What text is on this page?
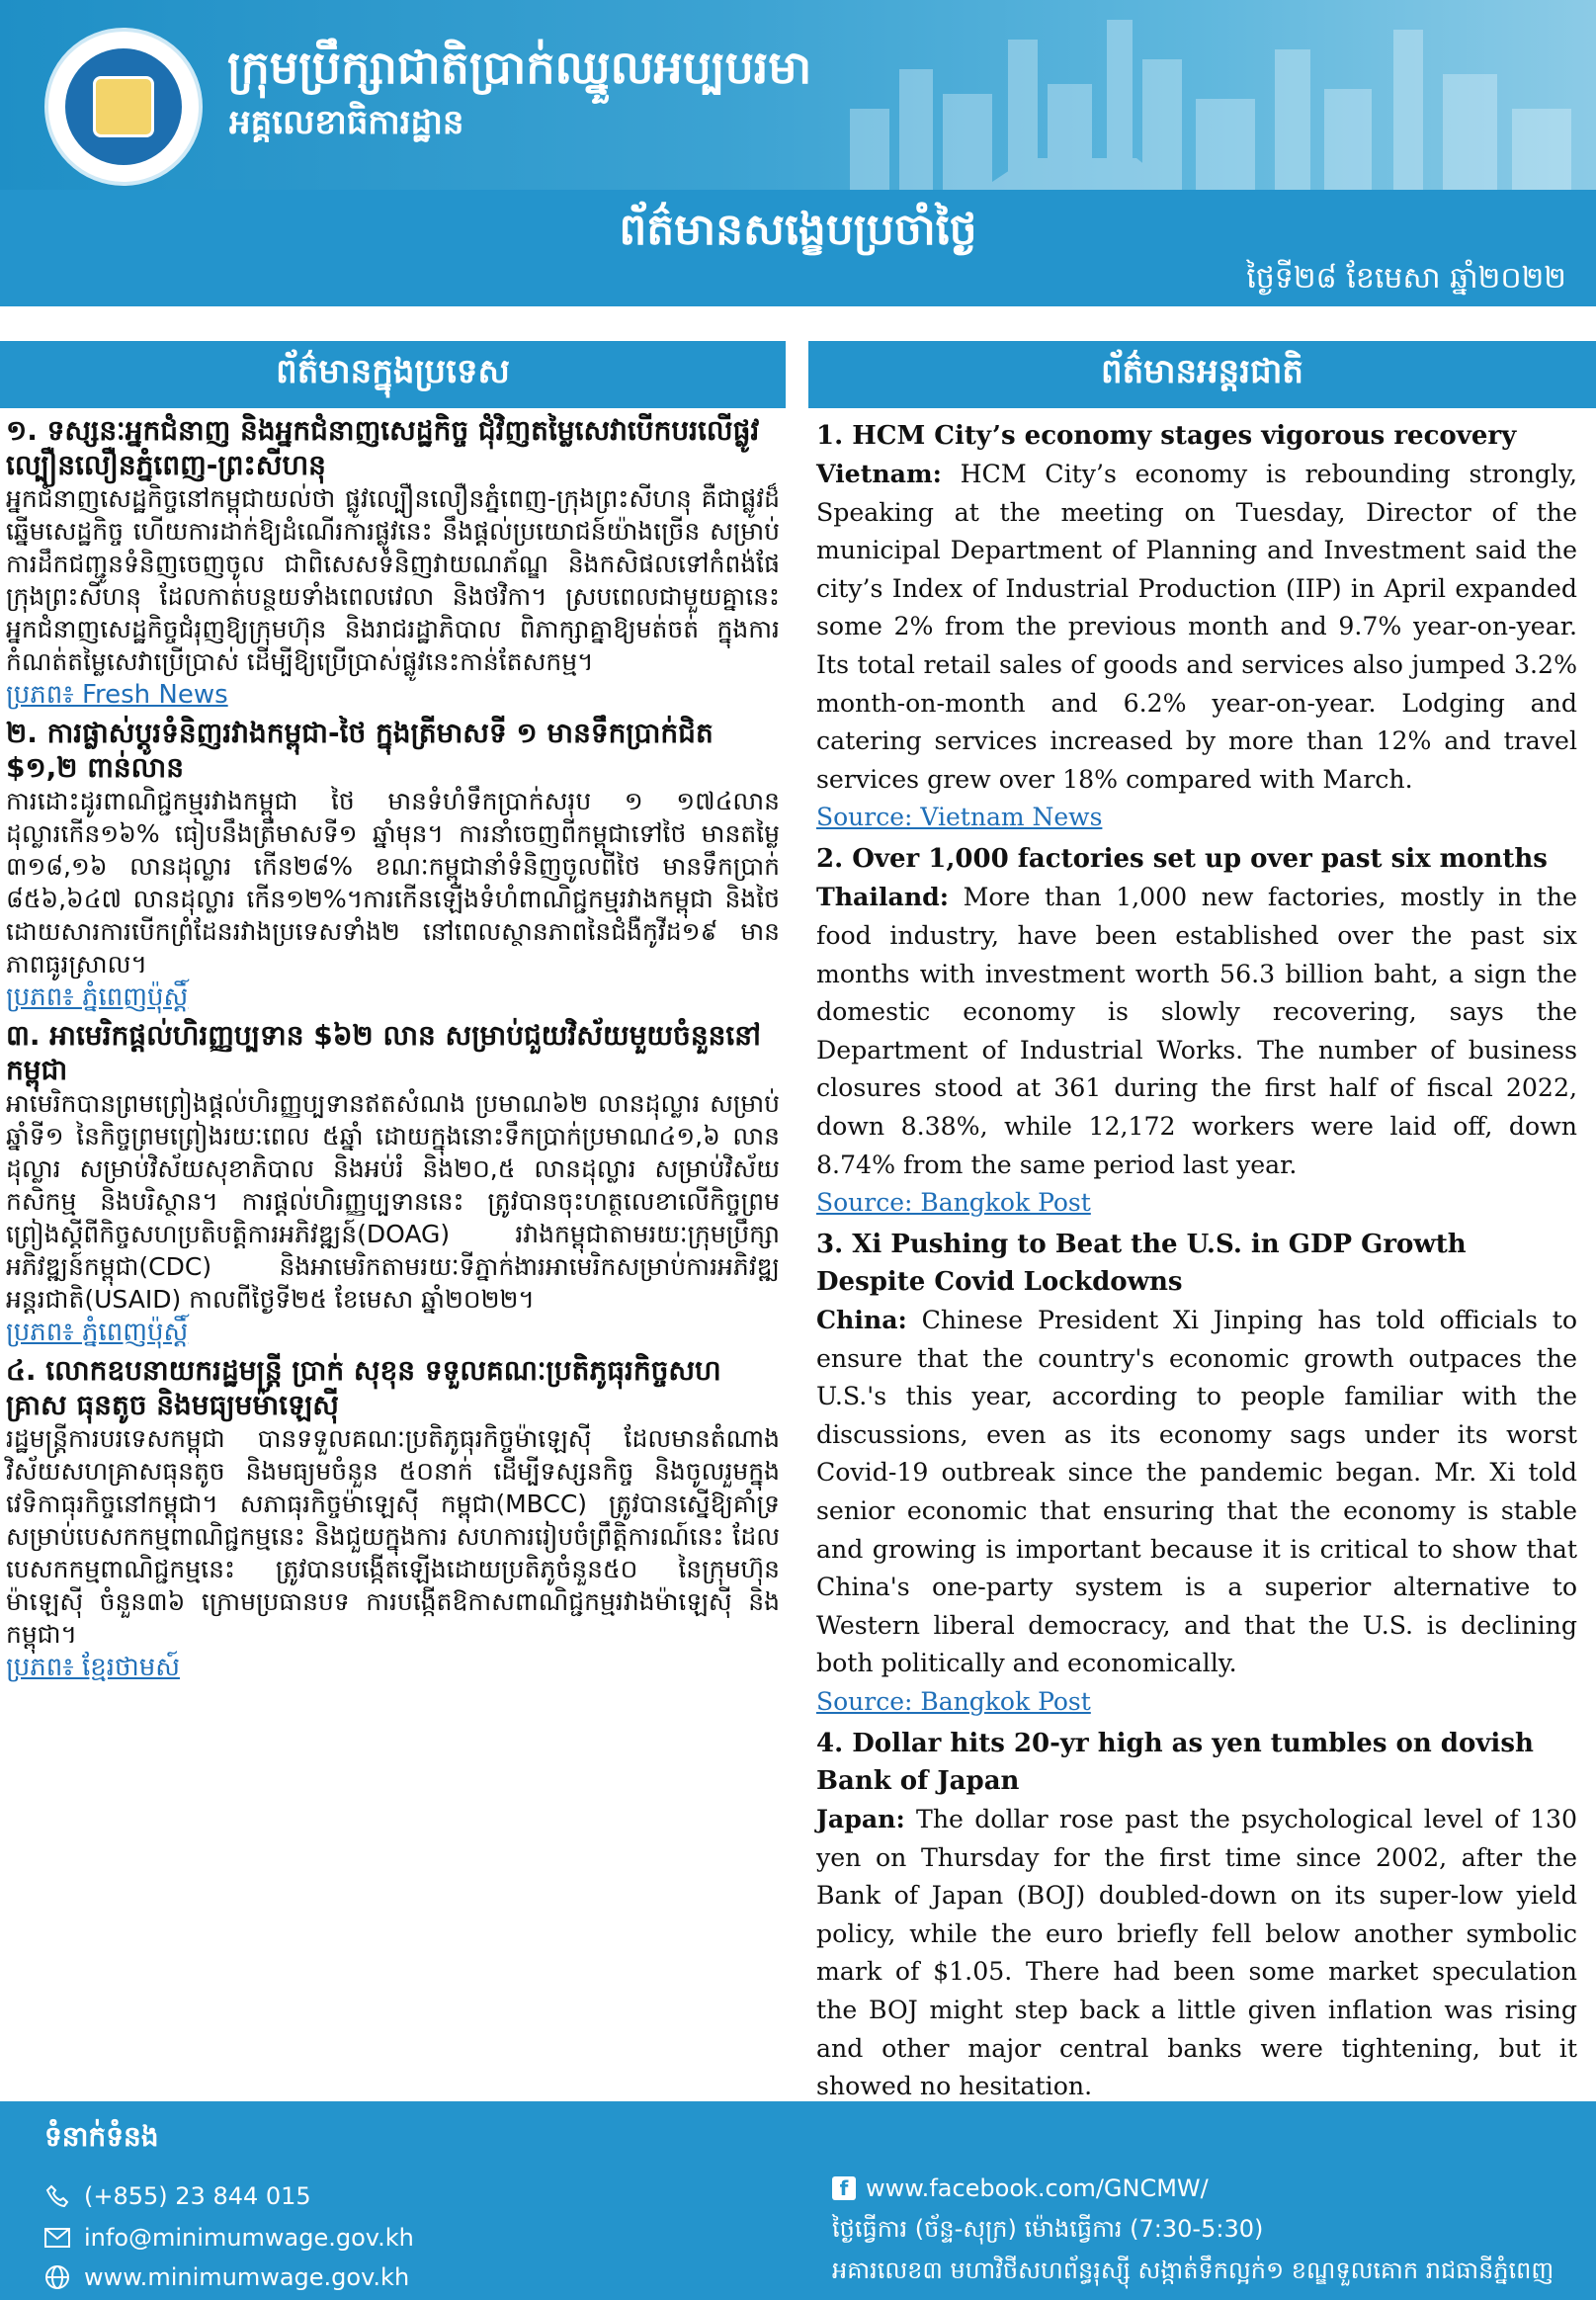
ក្រុមប្រឹក្សាជាតិប្រាក់ឈ្នួលអប្បបរមា
អគ្គលេខាធិការដ្ឋាន
ព័ត៌មានសង្ខេបប្រចាំថ្ងៃ
ថ្ងៃទី២៨ ខែមេសា ឆ្នាំ២០២២
ព័ត៌មានក្នុងប្រទេស	ព័ត៌មានអន្តរជាតិ
១. ទស្សនៈអ្នកជំនាញ និងអ្នកជំនាញសេដ្ឋកិច្ច ជុំវិញតម្លៃសេវាបើកបរលើផ្លូវល្បឿនលឿនភ្នំពេញ-ព្រះសីហនុ
អ្នកជំនាញសេដ្ឋកិច្ចនៅកម្ពុជាយល់ថា ផ្លូវល្បឿនលឿនភ្នំពេញ-ក្រុងព្រះសីហនុ គឺជាផ្លូវដ៏ឆ្នើមសេដ្ឋកិច្ច ហើយការដាក់ឱ្យដំណើរការផ្លូវនេះ នឹងផ្តល់ប្រយោជន៍យ៉ាងច្រើន សម្រាប់ការដឹកជញ្ជូនទំនិញចេញចូល ជាពិសេសទំនិញវាយណភ័ណ្ឌ និងកសិផលទៅកំពង់ផែក្រុងព្រះសីហនុ ដែលកាត់បន្ថយទាំងពេលវេលា និងថវិកា។ ស្របពេលជាមួយគ្នានេះ អ្នកជំនាញសេដ្ឋកិច្ចជំរុញឱ្យក្រុមហ៊ុន និងរាជរដ្ឋាភិបាល ពិភាក្សាគ្នាឱ្យមត់ចត់ ក្នុងការកំណត់តម្លៃសេវាប្រើប្រាស់ ដើម្បីឱ្យប្រើប្រាស់ផ្លូវនេះកាន់តែសកម្ម។
ប្រភព៖ Fresh News
២. ការផ្លាស់ប្តូរទំនិញរវាងកម្ពុជា-ថៃ ក្នុងត្រីមាសទី ១ មានទឹកប្រាក់ជិត $១,២ ពាន់លាន
ការដោះដូរពាណិជ្ជកម្មរវាងកម្ពុជា ថៃ មានទំហំទឹកប្រាក់សរុប ១ ១៧៤លានដុល្លារកើន១៦% ធៀបនឹងត្រីមាសទី១ ឆ្នាំមុន។ ការនាំចេញពីកម្ពុជាទៅថៃ មានតម្លៃ ៣១៨,១៦ លានដុល្លារ កើន២៨% ខណៈកម្ពុជានាំទំនិញចូលពីថៃ មានទឹកប្រាក់ ៨៥៦,៦៤៧ លានដុល្លារ កើន១២%។ការកើនឡើងទំហំពាណិជ្ជកម្មរវាងកម្ពុជា និងថៃដោយសារការបើកព្រំដែនរវាងប្រទេសទាំង២ នៅពេលស្ថានភាពនៃជំងឺកូវីដ១៩ មានភាពធូរស្រាល។
ប្រភព៖ ភ្នំពេញប៉ុស្តិ៍
៣. អាមេរិកផ្តល់ហិរញ្ញប្បទាន $៦២ លាន សម្រាប់ជួយវិស័យមួយចំនួននៅកម្ពុជា
អាមេរិកបានព្រមព្រៀងផ្តល់ហិរញ្ញប្បទានឥតសំណង ប្រមាណ៦២ លានដុល្លារ សម្រាប់ឆ្នាំទី១ នៃកិច្ចព្រមព្រៀងរយៈពេល ៥ឆ្នាំ ដោយក្នុងនោះទឹកប្រាក់ប្រមាណ៤១,៦ លានដុល្លារ សម្រាប់វិស័យសុខាភិបាល និងអប់រំ និង២០,៥ លានដុល្លារ សម្រាប់វិស័យកសិកម្ម និងបរិស្ថាន។ ការផ្តល់ហិរញ្ញប្បទាននេះ ត្រូវបានចុះហត្ថលេខាលើកិច្ចព្រមព្រៀងស្តីពីកិច្ចសហប្រតិបត្តិការអភិវឌ្ឍន៍(DOAG) រវាងកម្ពុជាតាមរយៈក្រុមប្រឹក្សាអភិវឌ្ឍន៍កម្ពុជា(CDC) និងអាមេរិកតាមរយៈទីភ្នាក់ងារអាមេរិកសម្រាប់ការអភិវឌ្ឍអន្តរជាតិ(USAID) កាលពីថ្ងៃទី២៥ ខែមេសា ឆ្នាំ២០២២។
ប្រភព៖ ភ្នំពេញប៉ុស្តិ៍
៤. លោកឧបនាយករដ្ឋមន្ត្រី ប្រាក់ សុខុន ទទួលគណៈប្រតិភូធុរកិច្ចសហគ្រាស ធុនតូច និងមធ្យមម៉ាឡេស៊ី
រដ្ឋមន្ត្រីការបរទេសកម្ពុជា បានទទួលគណៈប្រតិភូធុរកិច្ចម៉ាឡេស៊ី ដែលមានតំណាងវិស័យសហគ្រាសធុនតូច និងមធ្យមចំនួន ៥០នាក់ ដើម្បីទស្សនកិច្ច និងចូលរួមក្នុងវេទិកាធុរកិច្ចនៅកម្ពុជា។ សភាធុរកិច្ចម៉ាឡេស៊ី កម្ពុជា(MBCC) ត្រូវបានស្នើឱ្យគាំទ្រសម្រាប់បេសកកម្មពាណិជ្ជកម្មនេះ និងជួយក្នុងការ សហការរៀបចំព្រឹត្តិការណ៍នេះ ដែលបេសកកម្មពាណិជ្ជកម្មនេះ ត្រូវបានបង្កើតឡើងដោយប្រតិភូចំនួន៥០ នៃក្រុមហ៊ុនម៉ាឡេស៊ី ចំនួន៣៦ ក្រោមប្រធានបទ ការបង្កើតឱកាសពាណិជ្ជកម្មរវាងម៉ាឡេស៊ី និងកម្ពុជា។
ប្រភព៖ ខ្មែរថាមស៍
1. HCM City’s economy stages vigorous recovery
Vietnam: HCM City’s economy is rebounding strongly, Speaking at the meeting on Tuesday, Director of the municipal Department of Planning and Investment said the city’s Index of Industrial Production (IIP) in April expanded some 2% from the previous month and 9.7% year-on-year. Its total retail sales of goods and services also jumped 3.2% month-on-month and 6.2% year-on-year. Lodging and catering services increased by more than 12% and travel services grew over 18% compared with March.
Source: Vietnam News
2. Over 1,000 factories set up over past six months
Thailand: More than 1,000 new factories, mostly in the food industry, have been established over the past six months with investment worth 56.3 billion baht, a sign the domestic economy is slowly recovering, says the Department of Industrial Works. The number of business closures stood at 361 during the first half of fiscal 2022, down 8.38%, while 12,172 workers were laid off, down 8.74% from the same period last year.
Source: Bangkok Post
3. Xi Pushing to Beat the U.S. in GDP Growth Despite Covid Lockdowns
China: Chinese President Xi Jinping has told officials to ensure that the country's economic growth outpaces the U.S.'s this year, according to people familiar with the discussions, even as its economy sags under its worst Covid-19 outbreak since the pandemic began. Mr. Xi told senior economic that ensuring that the economy is stable and growing is important because it is critical to show that China's one-party system is a superior alternative to Western liberal democracy, and that the U.S. is declining both politically and economically.
Source: Bangkok Post
4. Dollar hits 20-yr high as yen tumbles on dovish Bank of Japan
Japan: The dollar rose past the psychological level of 130 yen on Thursday for the first time since 2002, after the Bank of Japan (BOJ) doubled-down on its super-low yield policy, while the euro briefly fell below another symbolic mark of $1.05. There had been some market speculation the BOJ might step back a little given inflation was rising and other major central banks were tightening, but it showed no hesitation.
ទំនាក់ទំនង
(+855) 23 844 015
info@minimumwage.gov.kh
www.minimumwage.gov.kh
f www.facebook.com/GNCMW/
ថ្ងៃធ្វើការ (ច័ន្ទ-សុក្រ) ម៉ោងធ្វើការ (7:30-5:30)
អគារលេខ៣ មហាវិថីសហព័ន្ធរុស្ស៊ី សង្កាត់ទឹកល្អក់១ ខណ្ឌទួលគោក រាជធានីភ្នំពេញ
